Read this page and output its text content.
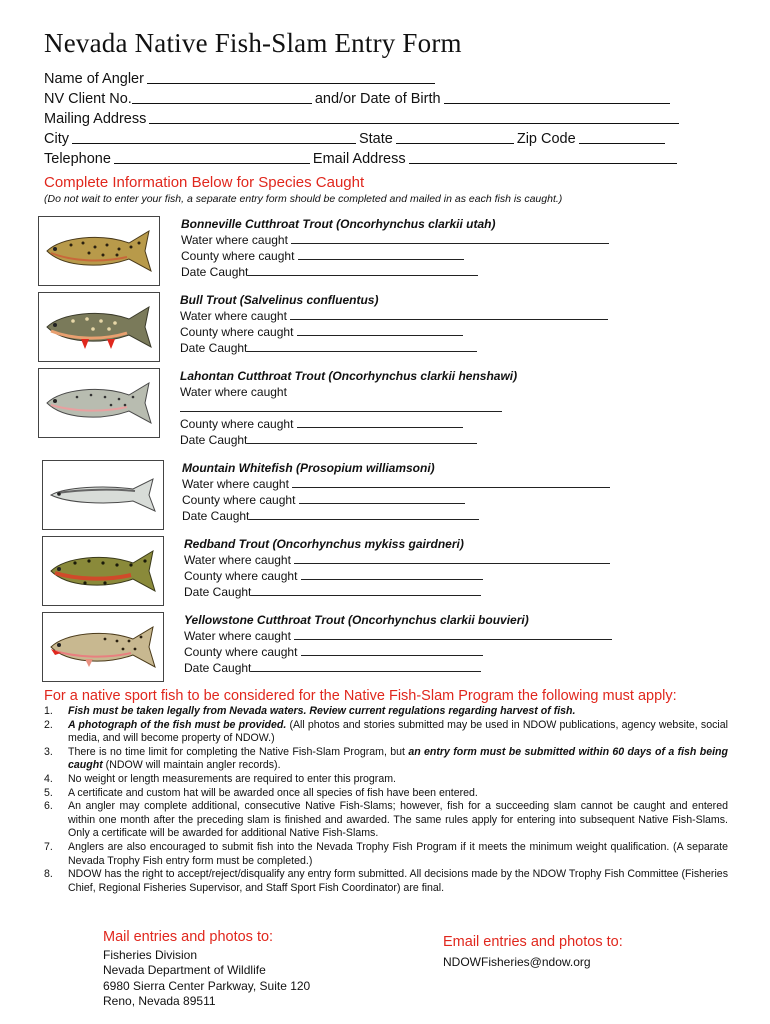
Nevada Native Fish-Slam Entry Form
Name of Angler
NV Client No.	and/or Date of Birth
Mailing Address
City	State	Zip Code
Telephone	Email Address
Complete Information Below for Species Caught
(Do not wait to enter your fish, a separate entry form should be completed and mailed in as each fish is caught.)
Bonneville Cutthroat Trout (Oncorhynchus clarkii utah)
Water where caught
County where caught
Date Caught
Bull Trout (Salvelinus confluentus)
Water where caught
County where caught
Date Caught
Lahontan Cutthroat Trout (Oncorhynchus clarkii henshawi)
Water where caught
County where caught
Date Caught
Mountain Whitefish (Prosopium williamsoni)
Water where caught
County where caught
Date Caught
Redband Trout (Oncorhynchus mykiss gairdneri)
Water where caught
County where caught
Date Caught
Yellowstone Cutthroat Trout (Oncorhynchus clarkii bouvieri)
Water where caught
County where caught
Date Caught
For a native sport fish to be considered for the Native Fish-Slam Program the following must apply:
1. Fish must be taken legally from Nevada waters. Review current regulations regarding harvest of fish.
2. A photograph of the fish must be provided. (All photos and stories submitted may be used in NDOW publications, agency website, social media, and will become property of NDOW.)
3. There is no time limit for completing the Native Fish-Slam Program, but an entry form must be submitted within 60 days of a fish being caught (NDOW will maintain angler records).
4. No weight or length measurements are required to enter this program.
5. A certificate and custom hat will be awarded once all species of fish have been entered.
6. An angler may complete additional, consecutive Native Fish-Slams; however, fish for a succeeding slam cannot be caught and entered within one month after the preceding slam is finished and awarded. The same rules apply for entering into subsequent Native Fish-Slams. Only a certificate will be awarded for additional Native Fish-Slams.
7. Anglers are also encouraged to submit fish into the Nevada Trophy Fish Program if it meets the minimum weight qualification. (A separate Nevada Trophy Fish entry form must be completed.)
8. NDOW has the right to accept/reject/disqualify any entry form submitted. All decisions made by the NDOW Trophy Fish Committee (Fisheries Chief, Regional Fisheries Supervisor, and Staff Sport Fish Coordinator) are final.
Mail entries and photos to:
Fisheries Division
Nevada Department of Wildlife
6980 Sierra Center Parkway, Suite 120
Reno, Nevada 89511
Email entries and photos to:
NDOWFisheries@ndow.org
